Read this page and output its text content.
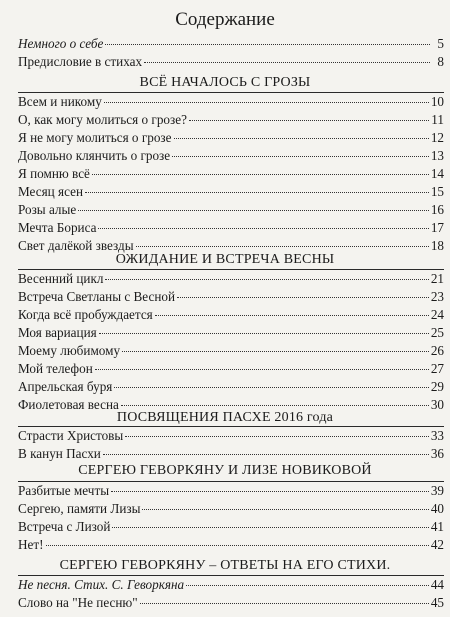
Содержание
Немного о себе	5
Предисловие в стихах	8
ВСЁ НАЧАЛОСЬ С ГРОЗЫ
Всем и никому	10
О, как могу молиться о грозе?	11
Я не могу молиться о грозе	12
Довольно клянчить о грозе	13
Я помню всё	14
Месяц ясен	15
Розы алые	16
Мечта Бориса	17
Свет далёкой звезды	18
ОЖИДАНИЕ И ВСТРЕЧА ВЕСНЫ
Весенний цикл	21
Встреча Светланы с Весной	23
Когда всё пробуждается	24
Моя вариация	25
Моему любимому	26
Мой телефон	27
Апрельская буря	29
Фиолетовая весна	30
ПОСВЯЩЕНИЯ ПАСХЕ 2016 года
Страсти Христовы	33
В канун Пасхи	36
СЕРГЕЮ ГЕВОРКЯНУ И ЛИЗЕ НОВИКОВОЙ
Разбитые мечты	39
Сергею, памяти Лизы	40
Встреча с Лизой	41
Нет!	42
СЕРГЕЮ ГЕВОРКЯНУ – ОТВЕТЫ НА ЕГО СТИХИ.
Не песня. Стих. С. Геворкяна	44
Слово на "Не песню"	45
